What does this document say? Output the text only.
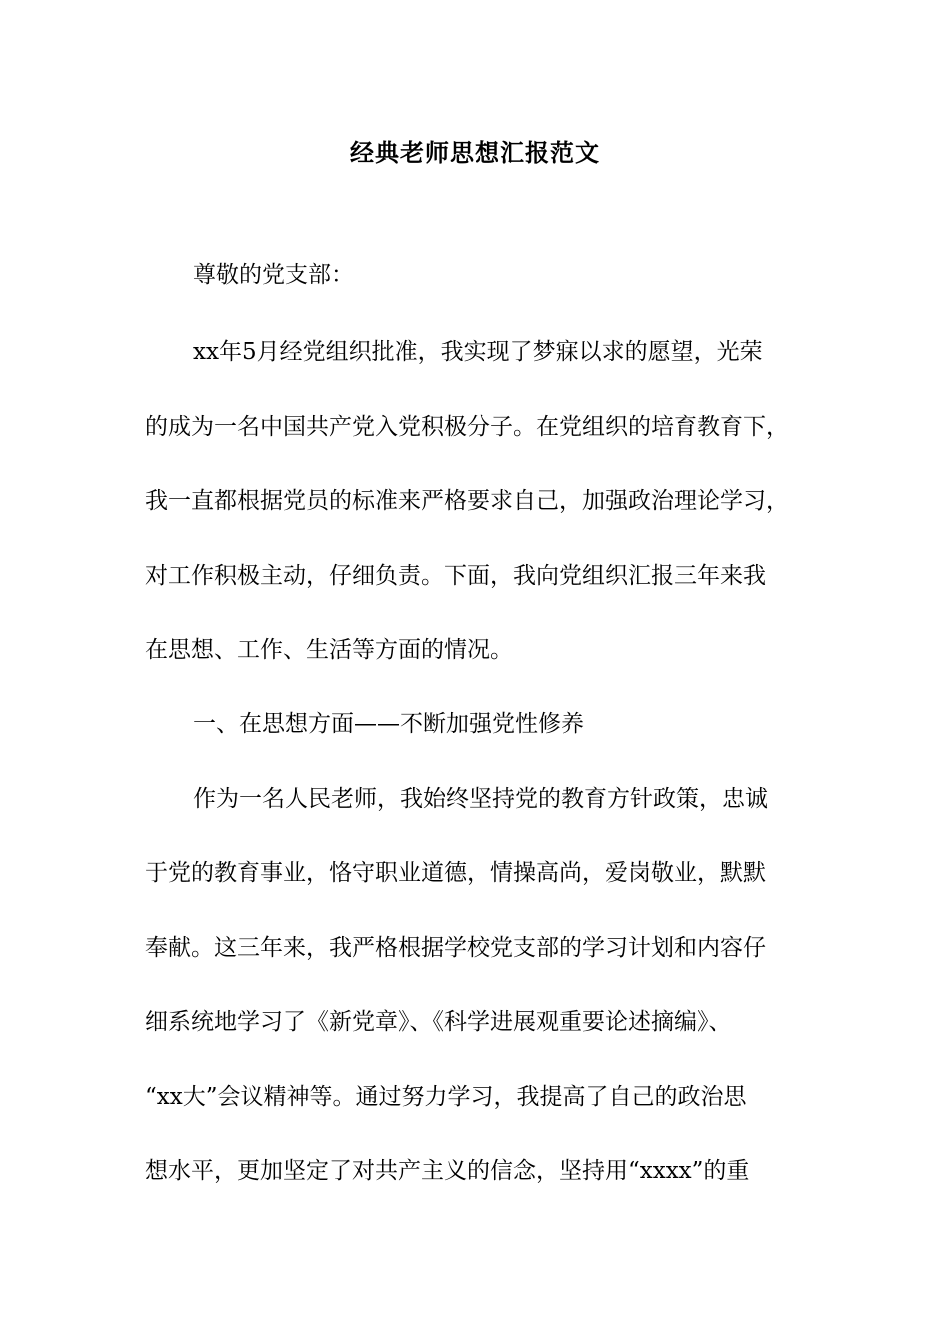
经典老师思想汇报范文
尊敬的党支部：
xx年5月经党组织批准，我实现了梦寐以求的愿望，光荣
的成为一名中国共产党入党积极分子。在党组织的培育教育下，
我一直都根据党员的标准来严格要求自己，加强政治理论学习，
对工作积极主动，仔细负责。下面，我向党组织汇报三年来我
在思想、工作、生活等方面的情况。
一、在思想方面——不断加强党性修养
作为一名人民老师，我始终坚持党的教育方针政策，忠诚
于党的教育事业，恪守职业道德，情操高尚，爱岗敬业，默默
奉献。这三年来，我严格根据学校党支部的学习计划和内容仔
细系统地学习了《新党章》、《科学进展观重要论述摘编》、
“xx大”会议精神等。通过努力学习，我提高了自己的政治思
想水平，更加坚定了对共产主义的信念，坚持用“xxxx”的重
